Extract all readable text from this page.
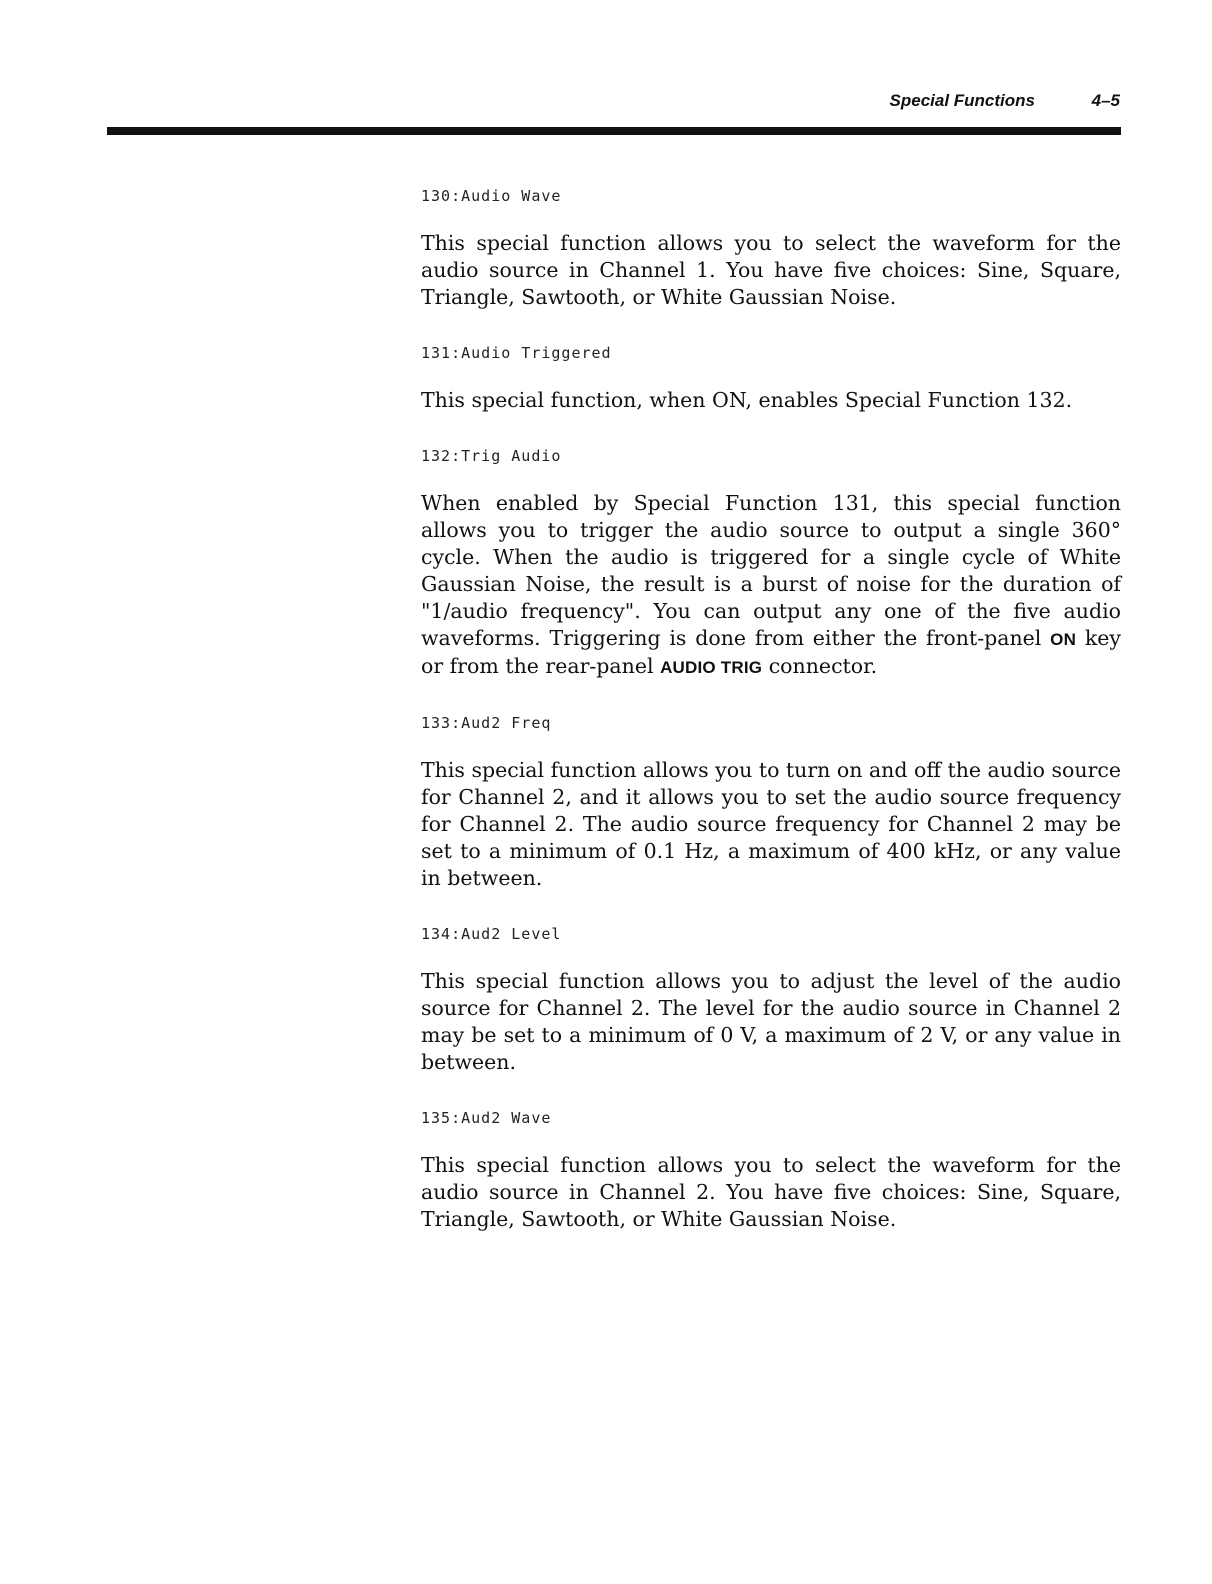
Special Functions	4–5

130:Audio Wave

This special function allows you to select the waveform for the audio source in Channel 1. You have five choices: Sine, Square, Triangle, Sawtooth, or White Gaussian Noise.

131:Audio Triggered

This special function, when ON, enables Special Function 132.

132:Trig Audio

When enabled by Special Function 131, this special function allows you to trigger the audio source to output a single 360° cycle. When the audio is triggered for a single cycle of White Gaussian Noise, the result is a burst of noise for the duration of "1/audio frequency". You can output any one of the five audio waveforms. Triggering is done from either the front-panel ON key or from the rear-panel AUDIO TRIG connector.

133:Aud2 Freq

This special function allows you to turn on and off the audio source for Channel 2, and it allows you to set the audio source frequency for Channel 2. The audio source frequency for Channel 2 may be set to a minimum of 0.1 Hz, a maximum of 400 kHz, or any value in between.

134:Aud2 Level

This special function allows you to adjust the level of the audio source for Channel 2. The level for the audio source in Channel 2 may be set to a minimum of 0 V, a maximum of 2 V, or any value in between.

135:Aud2 Wave

This special function allows you to select the waveform for the audio source in Channel 2. You have five choices: Sine, Square, Triangle, Sawtooth, or White Gaussian Noise.
